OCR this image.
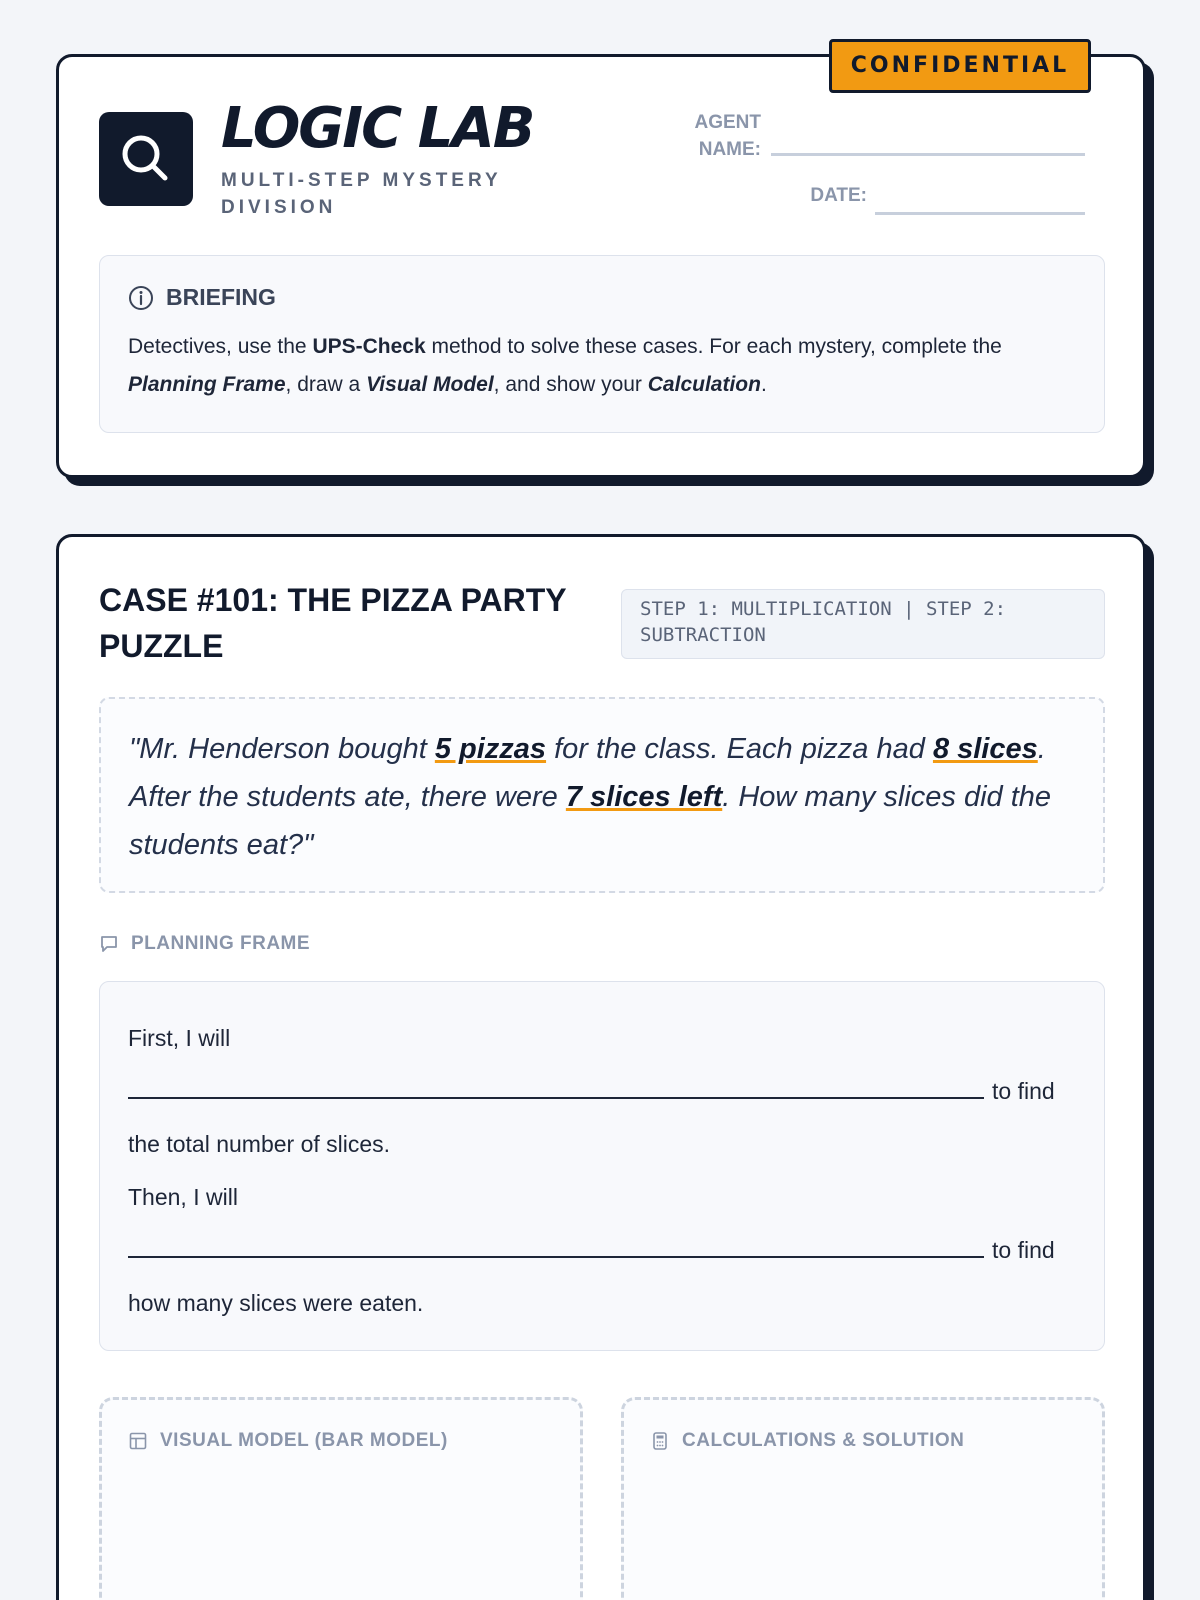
CONFIDENTIAL
LOGIC LAB
MULTI-STEP MYSTERY DIVISION
AGENT
NAME:
DATE:
BRIEFING
Detectives, use the UPS-Check method to solve these cases. For each mystery, complete the Planning Frame, draw a Visual Model, and show your Calculation.
CASE #101: THE PIZZA PARTY PUZZLE
STEP 1: MULTIPLICATION | STEP 2: SUBTRACTION
"Mr. Henderson bought 5 pizzas for the class. Each pizza had 8 slices. After the students ate, there were 7 slices left. How many slices did the students eat?"
PLANNING FRAME
First, I will
to find
the total number of slices.
Then, I will
to find
how many slices were eaten.
VISUAL MODEL (BAR MODEL)	CALCULATIONS & SOLUTION
